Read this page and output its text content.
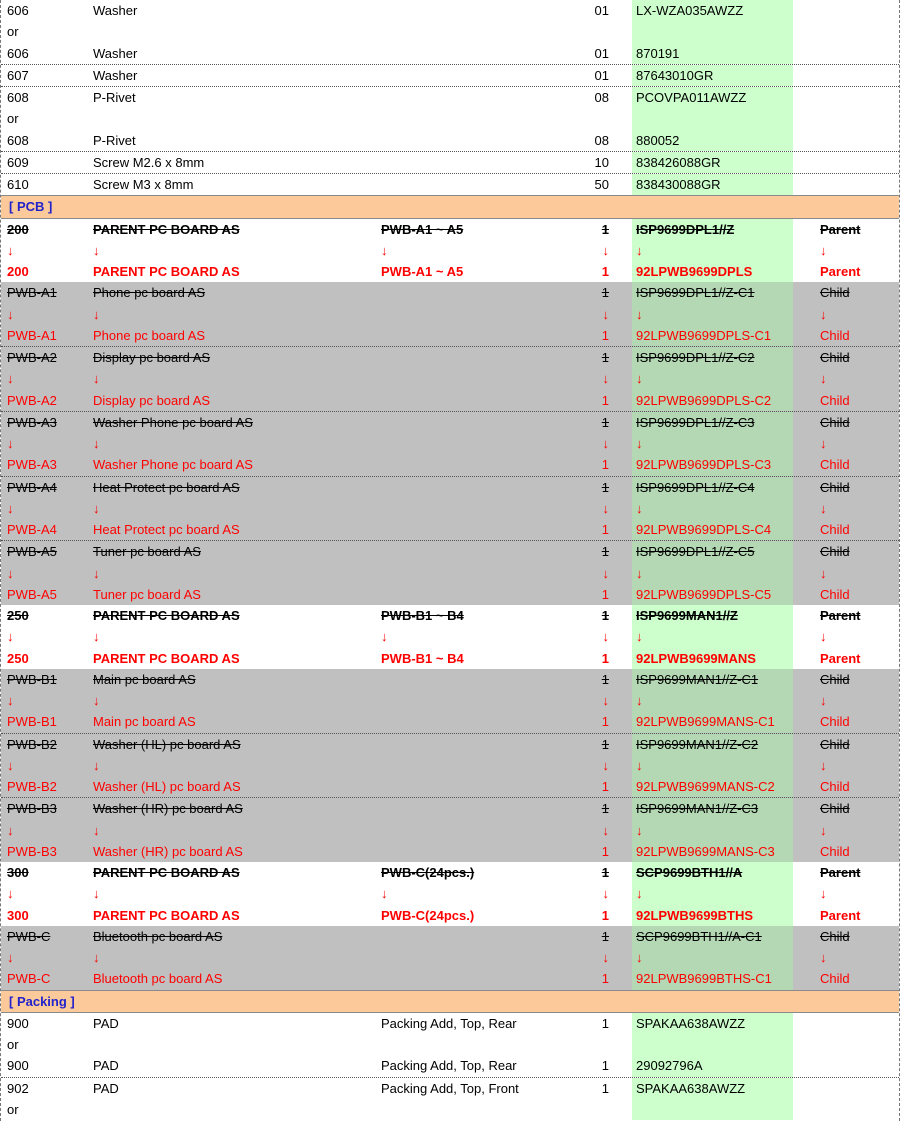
606	Washer	01 LX-WZA035AWZZ
or
606	Washer	01 870191
607	Washer	01 87643010GR
608	P-Rivet	08 PCOVPA011AWZZ
or
608	P-Rivet	08 880052
609	Screw M2.6 x 8mm	10 838426088GR
610	Screw M3 x 8mm	50 838430088GR
[ PCB ]
200	PARENT PC BOARD AS	PWB-A1 ~ A5	1 ISP9699DPL1//Z	Parent
↓	↓	↓	↓ ↓	↓
200	PARENT PC BOARD AS	PWB-A1 ~ A5	1 92LPWB9699DPLS	Parent
PWB-A1	Phone pc board AS	1 ISP9699DPL1//Z-C1	Child
↓	↓	↓ ↓	↓
PWB-A1	Phone pc board AS	1 92LPWB9699DPLS-C1	Child
PWB-A2	Display pc board AS	1 ISP9699DPL1//Z-C2	Child
↓	↓	↓ ↓	↓
PWB-A2	Display pc board AS	1 92LPWB9699DPLS-C2	Child
PWB-A3	Washer Phone pc board AS	1 ISP9699DPL1//Z-C3	Child
↓	↓	↓ ↓	↓
PWB-A3	Washer Phone pc board AS	1 92LPWB9699DPLS-C3	Child
PWB-A4	Heat Protect pc board AS	1 ISP9699DPL1//Z-C4	Child
↓	↓	↓ ↓	↓
PWB-A4	Heat Protect pc board AS	1 92LPWB9699DPLS-C4	Child
PWB-A5	Tuner pc board AS	1 ISP9699DPL1//Z-C5	Child
↓	↓	↓ ↓	↓
PWB-A5	Tuner pc board AS	1 92LPWB9699DPLS-C5	Child
250	PARENT PC BOARD AS	PWB-B1 ~ B4	1 ISP9699MAN1//Z	Parent
↓	↓	↓	↓ ↓	↓
250	PARENT PC BOARD AS	PWB-B1 ~ B4	1 92LPWB9699MANS	Parent
PWB-B1	Main pc board AS	1 ISP9699MAN1//Z-C1	Child
↓	↓	↓ ↓	↓
PWB-B1	Main pc board AS	1 92LPWB9699MANS-C1	Child
PWB-B2	Washer (HL) pc board AS	1 ISP9699MAN1//Z-C2	Child
↓	↓	↓ ↓	↓
PWB-B2	Washer (HL) pc board AS	1 92LPWB9699MANS-C2	Child
PWB-B3	Washer (HR) pc board AS	1 ISP9699MAN1//Z-C3	Child
↓	↓	↓ ↓	↓
PWB-B3	Washer (HR) pc board AS	1 92LPWB9699MANS-C3	Child
300	PARENT PC BOARD AS	PWB-C(24pcs.)	1 SCP9699BTH1//A	Parent
↓	↓	↓	↓ ↓	↓
300	PARENT PC BOARD AS	PWB-C(24pcs.)	1 92LPWB9699BTHS	Parent
PWB-C	Bluetooth pc board AS	1 SCP9699BTH1//A-C1	Child
↓	↓	↓ ↓	↓
PWB-C	Bluetooth pc board AS	1 92LPWB9699BTHS-C1	Child
[ Packing ]
900	PAD	Packing Add, Top, Rear	1 SPAKAA638AWZZ
or
900	PAD	Packing Add, Top, Rear	1 29092796A
902	PAD	Packing Add, Top, Front	1 SPAKAA638AWZZ
or
